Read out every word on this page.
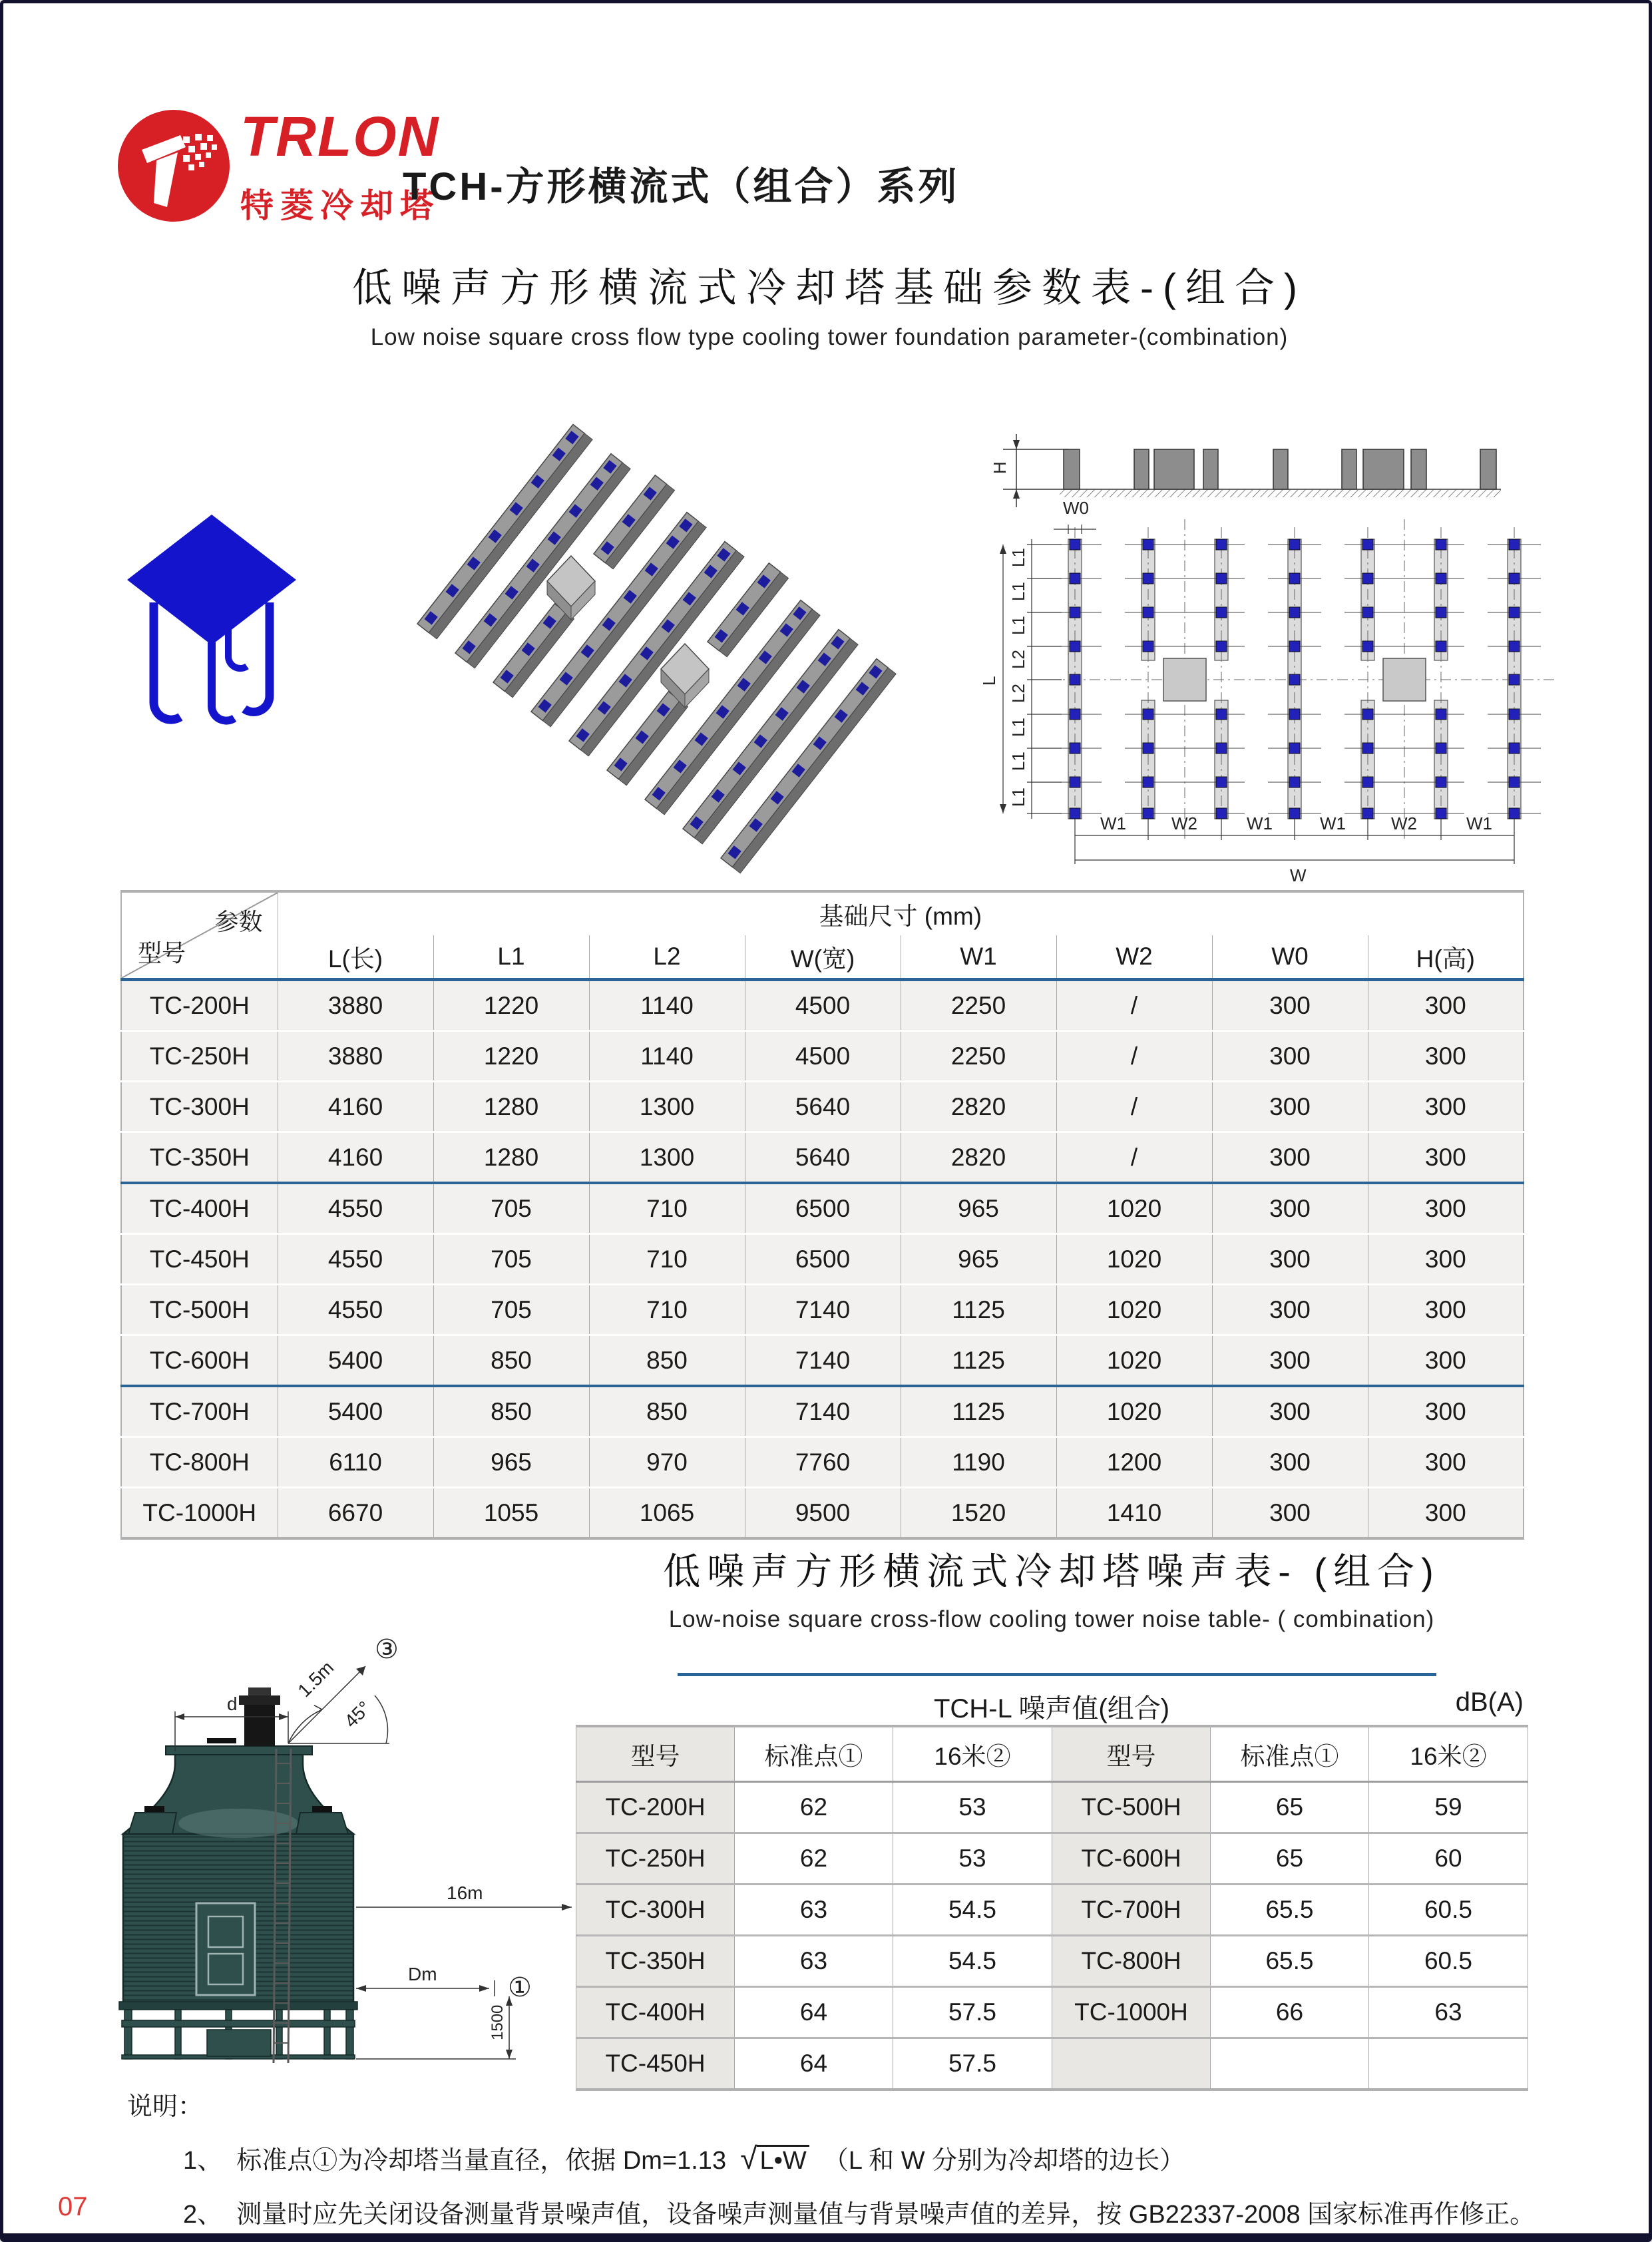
TRLON
特菱冷却塔
TCH-方形横流式（组合）系列
低噪声方形横流式冷却塔基础参数表-(组合)
Low noise square cross flow type cooling tower foundation parameter-(combination)
H
W0
L1
L1
L1
L2
L2
L1
L1
L1
L
W1	W2	W1	W1	W2	W1
W
参数
型号	基础尺寸 (mm)							
	L(长)	L1	L2	W(宽)	W1	W2	W0	H(高)
TC-200H	3880	1220	1140	4500	2250	/	300	300
TC-250H	3880	1220	1140	4500	2250	/	300	300
TC-300H	4160	1280	1300	5640	2820	/	300	300
TC-350H	4160	1280	1300	5640	2820	/	300	300
TC-400H	4550	705	710	6500	965	1020	300	300
TC-450H	4550	705	710	6500	965	1020	300	300
TC-500H	4550	705	710	7140	1125	1020	300	300
TC-600H	5400	850	850	7140	1125	1020	300	300
TC-700H	5400	850	850	7140	1125	1020	300	300
TC-800H	6110	965	970	7760	1190	1200	300	300
TC-1000H	6670	1055	1065	9500	1520	1410	300	300
低噪声方形横流式冷却塔噪声表- (组合)
Low-noise square cross-flow cooling tower noise table- ( combination)
d
1.5m
45°
③
16m
Dm	①
1500
TCH-L 噪声值(组合)	dB(A)
型号	标准点①	16米②	型号	标准点①	16米②
TC-200H	62	53	TC-500H	65	59
TC-250H	62	53	TC-600H	65	60
TC-300H	63	54.5	TC-700H	65.5	60.5
TC-350H	63	54.5	TC-800H	65.5	60.5
TC-400H	64	57.5	TC-1000H	66	63
TC-450H	64	57.5			
说明：
1、 标准点①为冷却塔当量直径，依据 Dm=1.13 √ L•W （L 和 W 分别为冷却塔的边长）
2、 测量时应先关闭设备测量背景噪声值，设备噪声测量值与背景噪声值的差异，按 GB22337-2008 国家标准再作修正。
07
